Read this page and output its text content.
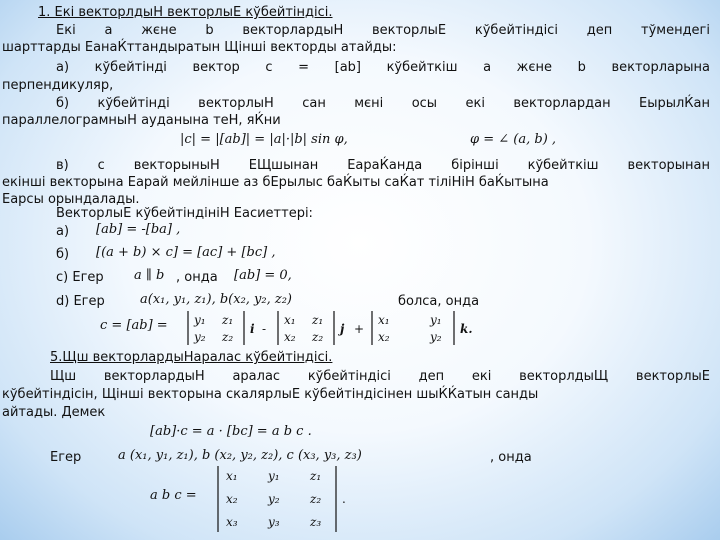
1. Екі векторлдыН векторлыЕ кўбейтіндісі.
Екі a жєне b векторлардыН векторлыЕ кўбейтіндісі деп тўмендегі
шарттарды ЕанаЌттандыратын Щінші векторды атайды:
а) кўбейтінді вектор c = [ab] кўбейткіш a жєне b векторларына
перпендикуляр,
б) кўбейтінді векторлыН сан мєні осы екі векторлардан ЕырылЌан
параллелограмныН ауданына теН, яЌни
|c| = |[ab]| = |a|·|b| sin φ,	φ = ∠ (a, b) ,
в) c векторыныН ЕЩшынан ЕараЌанда бірінші кўбейткіш векторынан
екінші векторына Еарай мейлінше аз бЕрылыс баЌыты саЌат тіліНіН баЌытына
Еарсы орындалады.
ВекторлыЕ кўбейтіндініН Еасиеттері:
а) [ab] = -[ba] ,
б) [(a + b) × c] = [ac] + [bc] ,
с) Егер a ∥ b , онда [ab] = 0,
d) Егер	a(x₁, y₁, z₁), b(x₂, y₂, z₂)	болса, онда
c = [ab] = y₁ z₁
y₂ z₂
i -
x₁ z₁
x₂ z₂
j +
x₁	y₁
x₂	y₂
k.
5.Щш векторлардыНаралас кўбейтіндісі.
Щш векторлардыН аралас кўбейтіндісі деп екі векторлдыЩ векторлыЕ
кўбейтіндісін, Щінші векторына скалярлыЕ кўбейтіндісінен шыЌЌатын санды
айтады. Демек
[ab]·c = a · [bc] = a b c .
Егер	a (x₁, y₁, z₁), b (x₂, y₂, z₂), c (x₃, y₃, z₃)	, онда
a b c =
x₁	y₁	z₁
x₂	y₂	z₂
x₃	y₃	z₃
.
